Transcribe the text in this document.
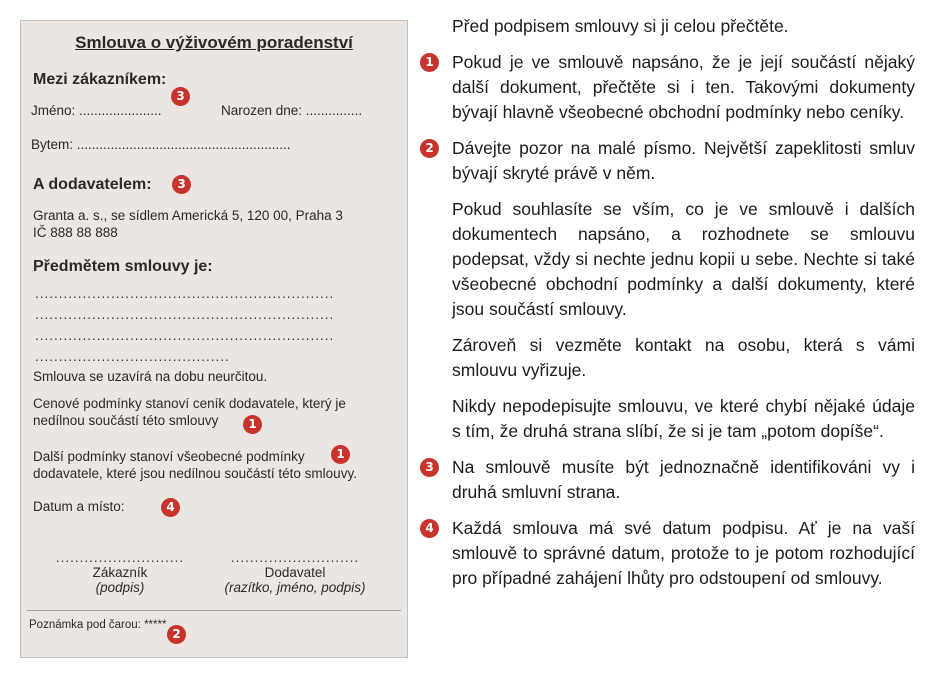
Smlouva o výživovém poradenství
Mezi zákazníkem:
3
Jméno: ......................	Narozen dne: ...............
Bytem: .........................................................
A dodavatelem:	3
Granta a. s., se sídlem Americká 5, 120 00, Praha 3
IČ 888 88 888
Předmětem smlouvy je:
...............................................................
...............................................................
...............................................................
.........................................
Smlouva se uzavírá na dobu neurčitou.
Cenové podmínky stanoví ceník dodavatele, který je
nedílnou součástí této smlouvy	1
Další podmínky stanoví všeobecné podmínky	1
dodavatele, které jsou nedílnou součástí této smlouvy.
Datum a místo:	4
...........................
Zákazník
(podpis)
...........................
Dodavatel
(razítko, jméno, podpis)
Poznámka pod čarou: *****
2

Před podpisem smlouvy si ji celou přečtěte.

1	Pokud je ve smlouvě napsáno, že je její součástí nějaký další dokument, přečtěte si i ten. Takovými dokumenty bývají hlavně všeobecné obchodní podmínky nebo ceníky.

2	Dávejte pozor na malé písmo. Největší zapeklitosti smluv bývají skryté právě v něm.

Pokud souhlasíte se vším, co je ve smlouvě i dalších dokumentech napsáno, a rozhodnete se smlouvu podepsat, vždy si nechte jednu kopii u sebe. Nechte si také všeobecné obchodní podmínky a další dokumenty, které jsou součástí smlouvy.

Zároveň si vezměte kontakt na osobu, která s vámi smlouvu vyřizuje.

Nikdy nepodepisujte smlouvu, ve které chybí nějaké údaje s tím, že druhá strana slíbí, že si je tam „potom dopíše“.

3	Na smlouvě musíte být jednoznačně identifikováni vy i druhá smluvní strana.

4	Každá smlouva má své datum podpisu. Ať je na vaší smlouvě to správné datum, protože to je potom rozhodující pro případné zahájení lhůty pro odstoupení od smlouvy.
